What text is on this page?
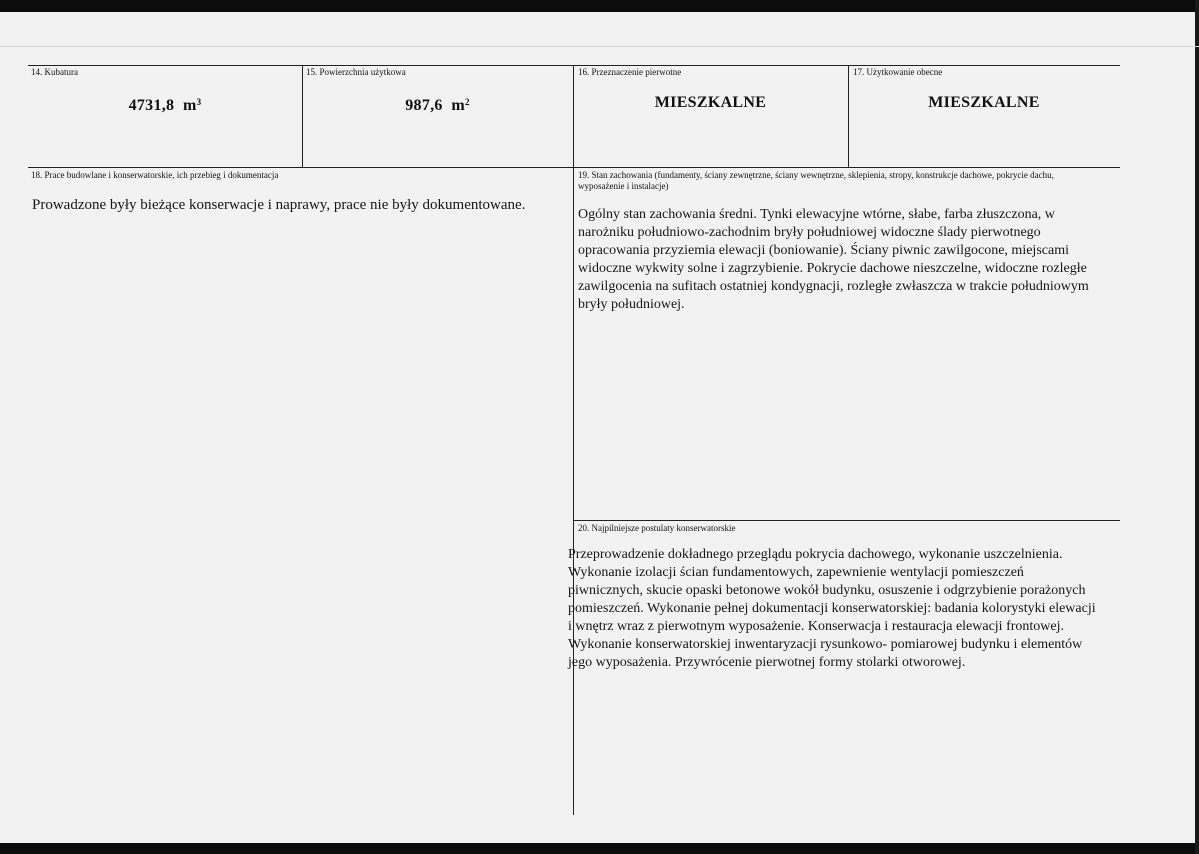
14. Kubatura
4731,8 $m^3$
15. Powierzchnia użytkowa
987,6 $m^2$
16. Przeznaczenie pierwotne
MIESZKALNE
17. Użytkowanie obecne
MIESZKALNE
18. Prace budowlane i konserwatorskie, ich przebieg i dokumentacja
Prowadzone były bieżące konserwacje i naprawy, prace nie były dokumentowane.
19. Stan zachowania (fundamenty, ściany zewnętrzne, ściany wewnętrzne, sklepienia, stropy, konstrukcje dachowe, pokrycie dachu, wyposażenie i instalacje)
Ogólny stan zachowania średni. Tynki elewacyjne wtórne, słabe, farba złuszczona, w narożniku południowo-zachodnim bryły południowej widoczne ślady pierwotnego opracowania przyziemia elewacji (boniowanie). Ściany piwnic zawilgocone, miejscami widoczne wykwity solne i zagrzybienie. Pokrycie dachowe nieszczelne, widoczne rozległe zawilgocenia na sufitach ostatniej kondygnacji, rozległe zwłaszcza w trakcie południowym bryły południowej.
20. Najpilniejsze postulaty konserwatorskie
Przeprowadzenie dokładnego przeglądu pokrycia dachowego, wykonanie uszczelnienia. Wykonanie izolacji ścian fundamentowych, zapewnienie wentylacji pomieszczeń piwnicznych, skucie opaski betonowe wokół budynku, osuszenie i odgrzybienie porażonych pomieszczeń. Wykonanie pełnej dokumentacji konserwatorskiej: badania kolorystyki elewacji i wnętrz wraz z pierwotnym wyposażenie. Konserwacja i restauracja elewacji frontowej. Wykonanie konserwatorskiej inwentaryzacji rysunkowo- pomiarowej budynku i elementów jego wyposażenia. Przywrócenie pierwotnej formy stolarki otworowej.
